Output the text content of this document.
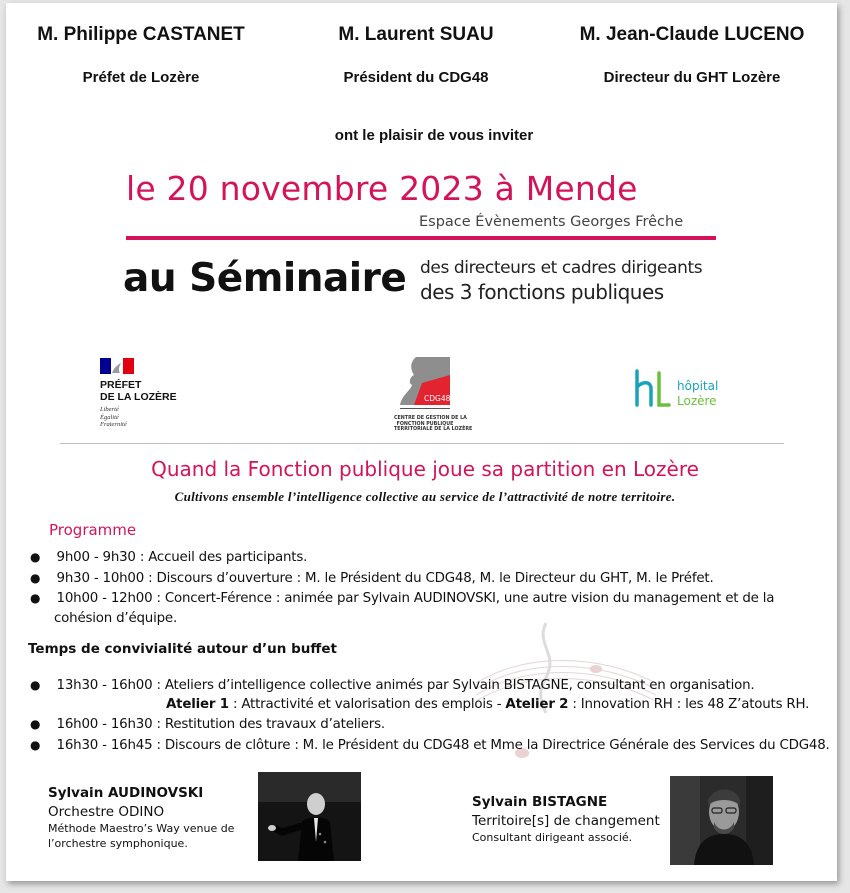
M. Philippe CASTANET
Préfet de Lozère
M. Laurent SUAU
Président du CDG48
M. Jean-Claude LUCENO
Directeur du GHT Lozère
ont le plaisir de vous inviter
le 20 novembre 2023 à Mende
Espace Évènements Georges Frêche
au Séminaire des directeurs et cadres dirigeants
des 3 fonctions publiques
PRÉFET
DE LA LOZÈRE
Liberté
Égalité
Fraternité
CDG48
CENTRE DE GESTION DE LA
FONCTION PUBLIQUE
TERRITORIALE DE LA LOZÈRE
hôpital
Lozère
Quand la Fonction publique joue sa partition en Lozère
Cultivons ensemble l’intelligence collective au service de l’attractivité de notre territoire.
Programme
● 9h00 - 9h30 : Accueil des participants.
● 9h30 - 10h00 : Discours d’ouverture : M. le Président du CDG48, M. le Directeur du GHT, M. le Préfet.
● 10h00 - 12h00 : Concert-Férence : animée par Sylvain AUDINOVSKI, une autre vision du management et de la
cohésion d’équipe.
Temps de convivialité autour d’un buffet
● 13h30 - 16h00 : Ateliers d’intelligence collective animés par Sylvain BISTAGNE, consultant en organisation.
Atelier 1 : Attractivité et valorisation des emplois - Atelier 2 : Innovation RH : les 48 Z’atouts RH.
● 16h00 - 16h30 : Restitution des travaux d’ateliers.
● 16h30 - 16h45 : Discours de clôture : M. le Président du CDG48 et Mme la Directrice Générale des Services du CDG48.
Sylvain AUDINOVSKI
Orchestre ODINO
Méthode Maestro’s Way venue de
l’orchestre symphonique.
Sylvain BISTAGNE
Territoire[s] de changement
Consultant dirigeant associé.
